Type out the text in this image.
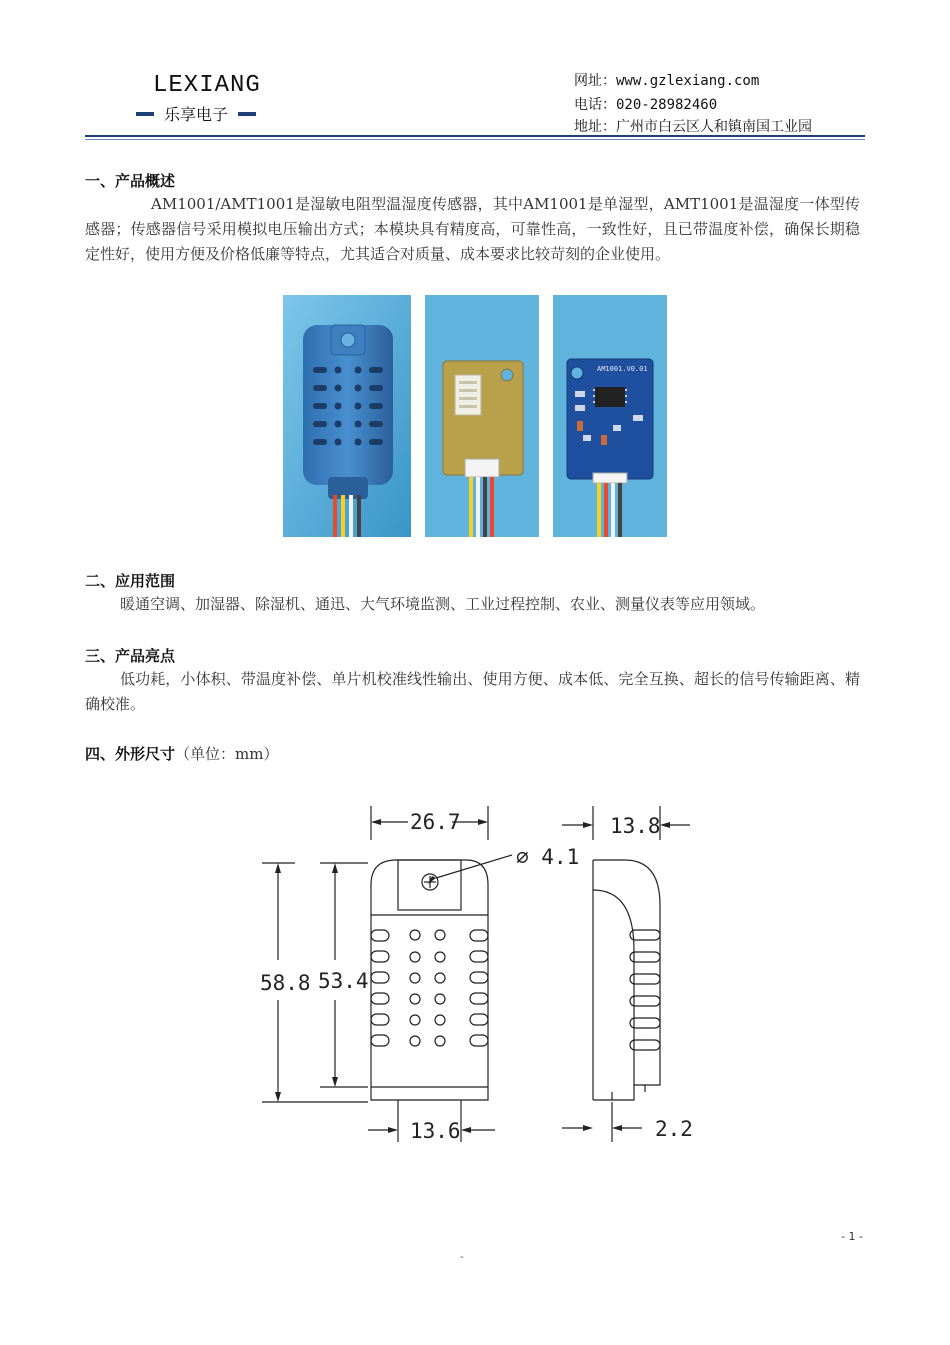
LEXIANG
乐享电子
网址：www.gzlexiang.com
电话：020-28982460
地址：广州市白云区人和镇南国工业园
一、产品概述
AM1001/AMT1001是湿敏电阻型温湿度传感器，其中AM1001是单湿型，AMT1001是温湿度一体型传感器；传感器信号采用模拟电压输出方式；本模块具有精度高，可靠性高，一致性好，且已带温度补偿，确保长期稳定性好，使用方便及价格低廉等特点，尤其适合对质量、成本要求比较苛刻的企业使用。
AM1001.V0.01
二、应用范围
暖通空调、加湿器、除湿机、通迅、大气环境监测、工业过程控制、农业、测量仪表等应用领域。
三、产品亮点
低功耗，小体积、带温度补偿、单片机校准线性输出、使用方便、成本低、完全互换、超长的信号传输距离、精确校准。
四、外形尺寸（单位：mm）
26.7
∅ 4.1
13.8
58.8 53.4
13.6	2.2
- 1 -
-
